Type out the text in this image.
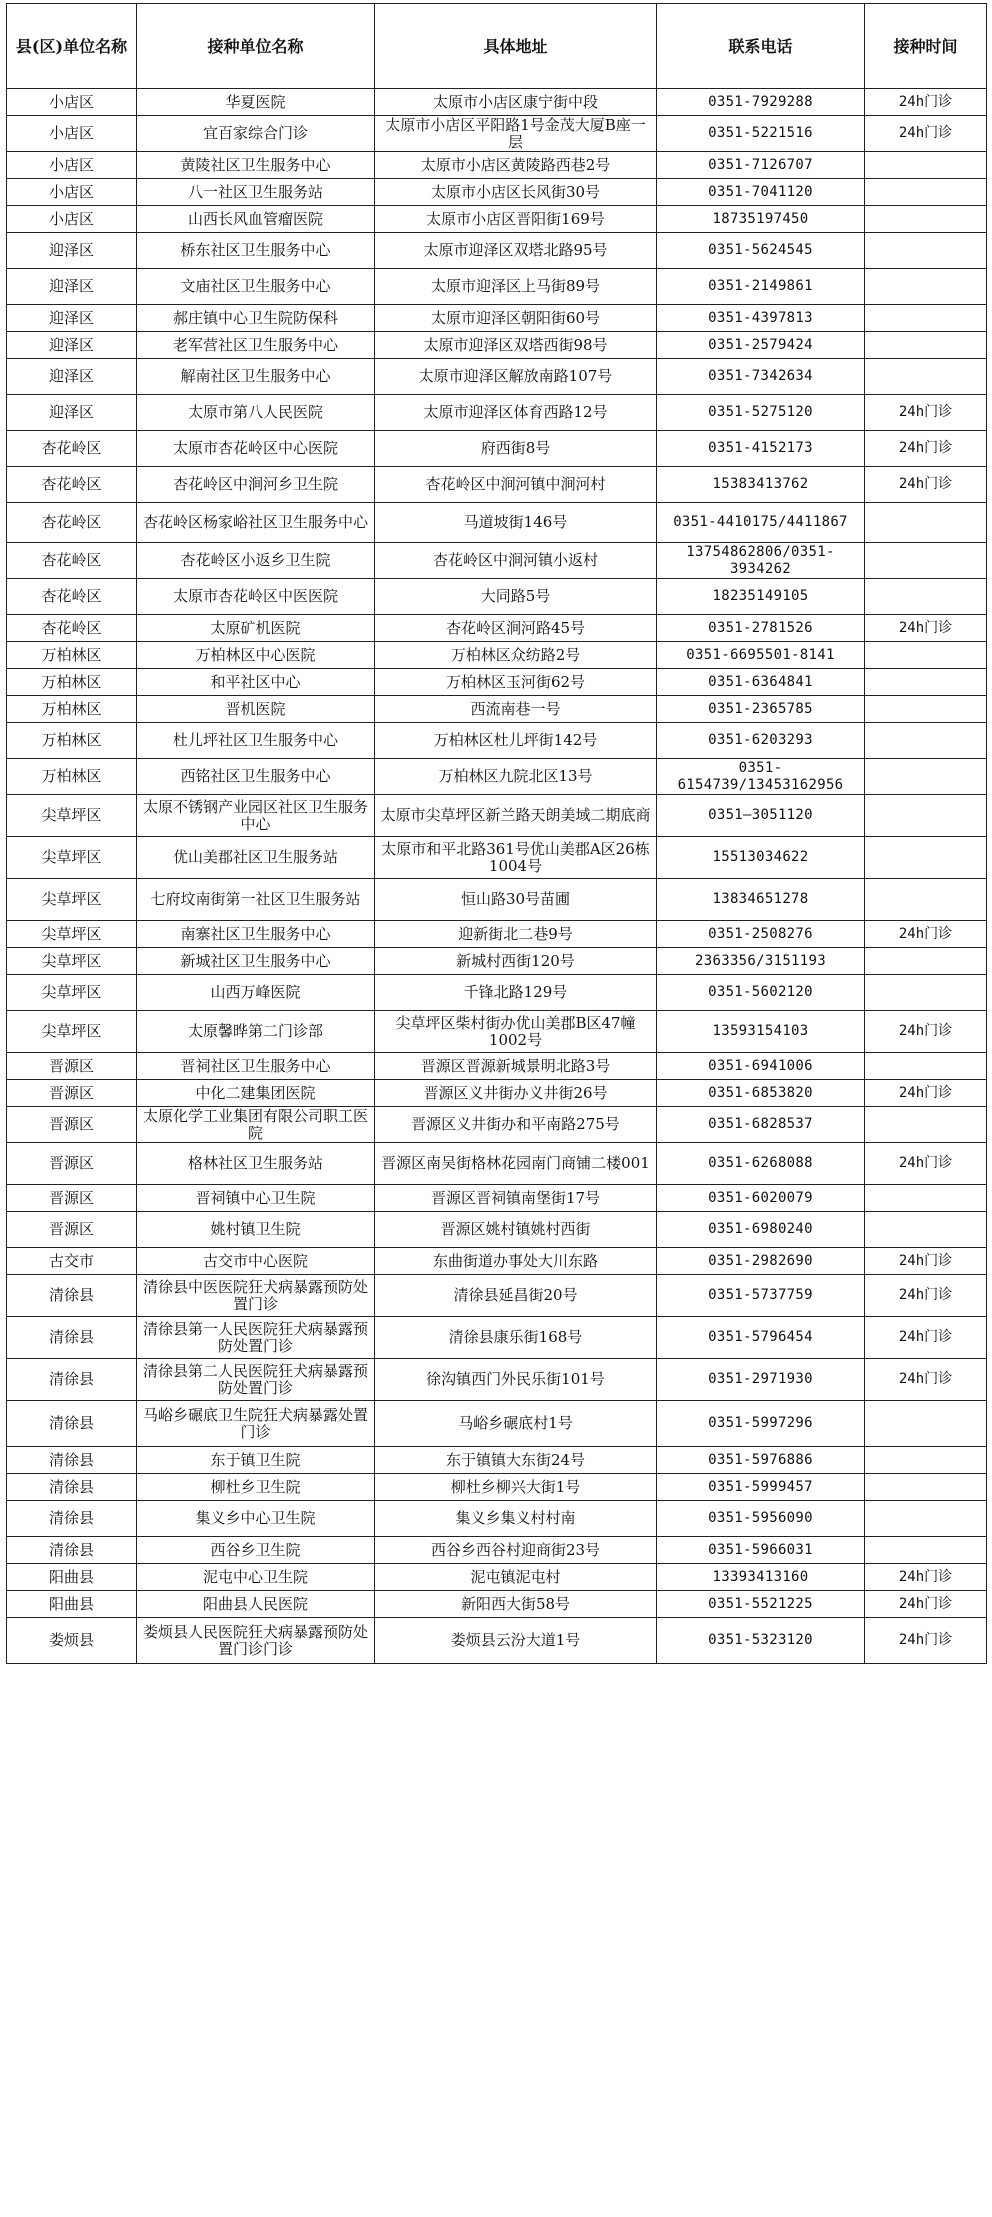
县(区)单位名称	接种单位名称	具体地址	联系电话	接种时间
小店区	华夏医院	太原市小店区康宁街中段	0351-7929288	24h门诊
小店区	宜百家综合门诊	太原市小店区平阳路1号金茂大厦B座一层	0351-5221516	24h门诊
小店区	黄陵社区卫生服务中心	太原市小店区黄陵路西巷2号	0351-7126707	
小店区	八一社区卫生服务站	太原市小店区长风街30号	0351-7041120	
小店区	山西长风血管瘤医院	太原市小店区晋阳街169号	18735197450	
迎泽区	桥东社区卫生服务中心	太原市迎泽区双塔北路95号	0351-5624545	
迎泽区	文庙社区卫生服务中心	太原市迎泽区上马街89号	0351-2149861	
迎泽区	郝庄镇中心卫生院防保科	太原市迎泽区朝阳街60号	0351-4397813	
迎泽区	老军营社区卫生服务中心	太原市迎泽区双塔西街98号	0351-2579424	
迎泽区	解南社区卫生服务中心	太原市迎泽区解放南路107号	0351-7342634	
迎泽区	太原市第八人民医院	太原市迎泽区体育西路12号	0351-5275120	24h门诊
杏花岭区	太原市杏花岭区中心医院	府西街8号	0351-4152173	24h门诊
杏花岭区	杏花岭区中涧河乡卫生院	杏花岭区中涧河镇中涧河村	15383413762	24h门诊
杏花岭区	杏花岭区杨家峪社区卫生服务中心	马道坡街146号	0351-4410175/4411867	
杏花岭区	杏花岭区小返乡卫生院	杏花岭区中涧河镇小返村	13754862806/0351-3934262	
杏花岭区	太原市杏花岭区中医医院	大同路5号	18235149105	
杏花岭区	太原矿机医院	杏花岭区涧河路45号	0351-2781526	24h门诊
万柏林区	万柏林区中心医院	万柏林区众纺路2号	0351-6695501-8141	
万柏林区	和平社区中心	万柏林区玉河街62号	0351-6364841	
万柏林区	晋机医院	西流南巷一号	0351-2365785	
万柏林区	杜儿坪社区卫生服务中心	万柏林区杜儿坪街142号	0351-6203293	
万柏林区	西铭社区卫生服务中心	万柏林区九院北区13号	0351-6154739/13453162956	
尖草坪区	太原不锈钢产业园区社区卫生服务中心	太原市尖草坪区新兰路天朗美域二期底商	0351—3051120	
尖草坪区	优山美郡社区卫生服务站	太原市和平北路361号优山美郡A区26栋1004号	15513034622	
尖草坪区	七府坟南街第一社区卫生服务站	恒山路30号苗圃	13834651278	
尖草坪区	南寨社区卫生服务中心	迎新街北二巷9号	0351-2508276	24h门诊
尖草坪区	新城社区卫生服务中心	新城村西街120号	2363356/3151193	
尖草坪区	山西万峰医院	千锋北路129号	0351-5602120	
尖草坪区	太原馨晔第二门诊部	尖草坪区柴村街办优山美郡B区47幢1002号	13593154103	24h门诊
晋源区	晋祠社区卫生服务中心	晋源区晋源新城景明北路3号	0351-6941006	
晋源区	中化二建集团医院	晋源区义井街办义井街26号	0351-6853820	24h门诊
晋源区	太原化学工业集团有限公司职工医院	晋源区义井街办和平南路275号	0351-6828537	
晋源区	格林社区卫生服务站	晋源区南吴街格林花园南门商铺二楼001	0351-6268088	24h门诊
晋源区	晋祠镇中心卫生院	晋源区晋祠镇南堡街17号	0351-6020079	
晋源区	姚村镇卫生院	晋源区姚村镇姚村西街	0351-6980240	
古交市	古交市中心医院	东曲街道办事处大川东路	0351-2982690	24h门诊
清徐县	清徐县中医医院狂犬病暴露预防处置门诊	清徐县延昌街20号	0351-5737759	24h门诊
清徐县	清徐县第一人民医院狂犬病暴露预防处置门诊	清徐县康乐街168号	0351-5796454	24h门诊
清徐县	清徐县第二人民医院狂犬病暴露预防处置门诊	徐沟镇西门外民乐街101号	0351-2971930	24h门诊
清徐县	马峪乡碾底卫生院狂犬病暴露处置门诊	马峪乡碾底村1号	0351-5997296	
清徐县	东于镇卫生院	东于镇镇大东街24号	0351-5976886	
清徐县	柳杜乡卫生院	柳杜乡柳兴大街1号	0351-5999457	
清徐县	集义乡中心卫生院	集义乡集义村村南	0351-5956090	
清徐县	西谷乡卫生院	西谷乡西谷村迎商街23号	0351-5966031	
阳曲县	泥屯中心卫生院	泥屯镇泥屯村	13393413160	24h门诊
阳曲县	阳曲县人民医院	新阳西大街58号	0351-5521225	24h门诊
娄烦县	娄烦县人民医院狂犬病暴露预防处置门诊门诊	娄烦县云汾大道1号	0351-5323120	24h门诊
